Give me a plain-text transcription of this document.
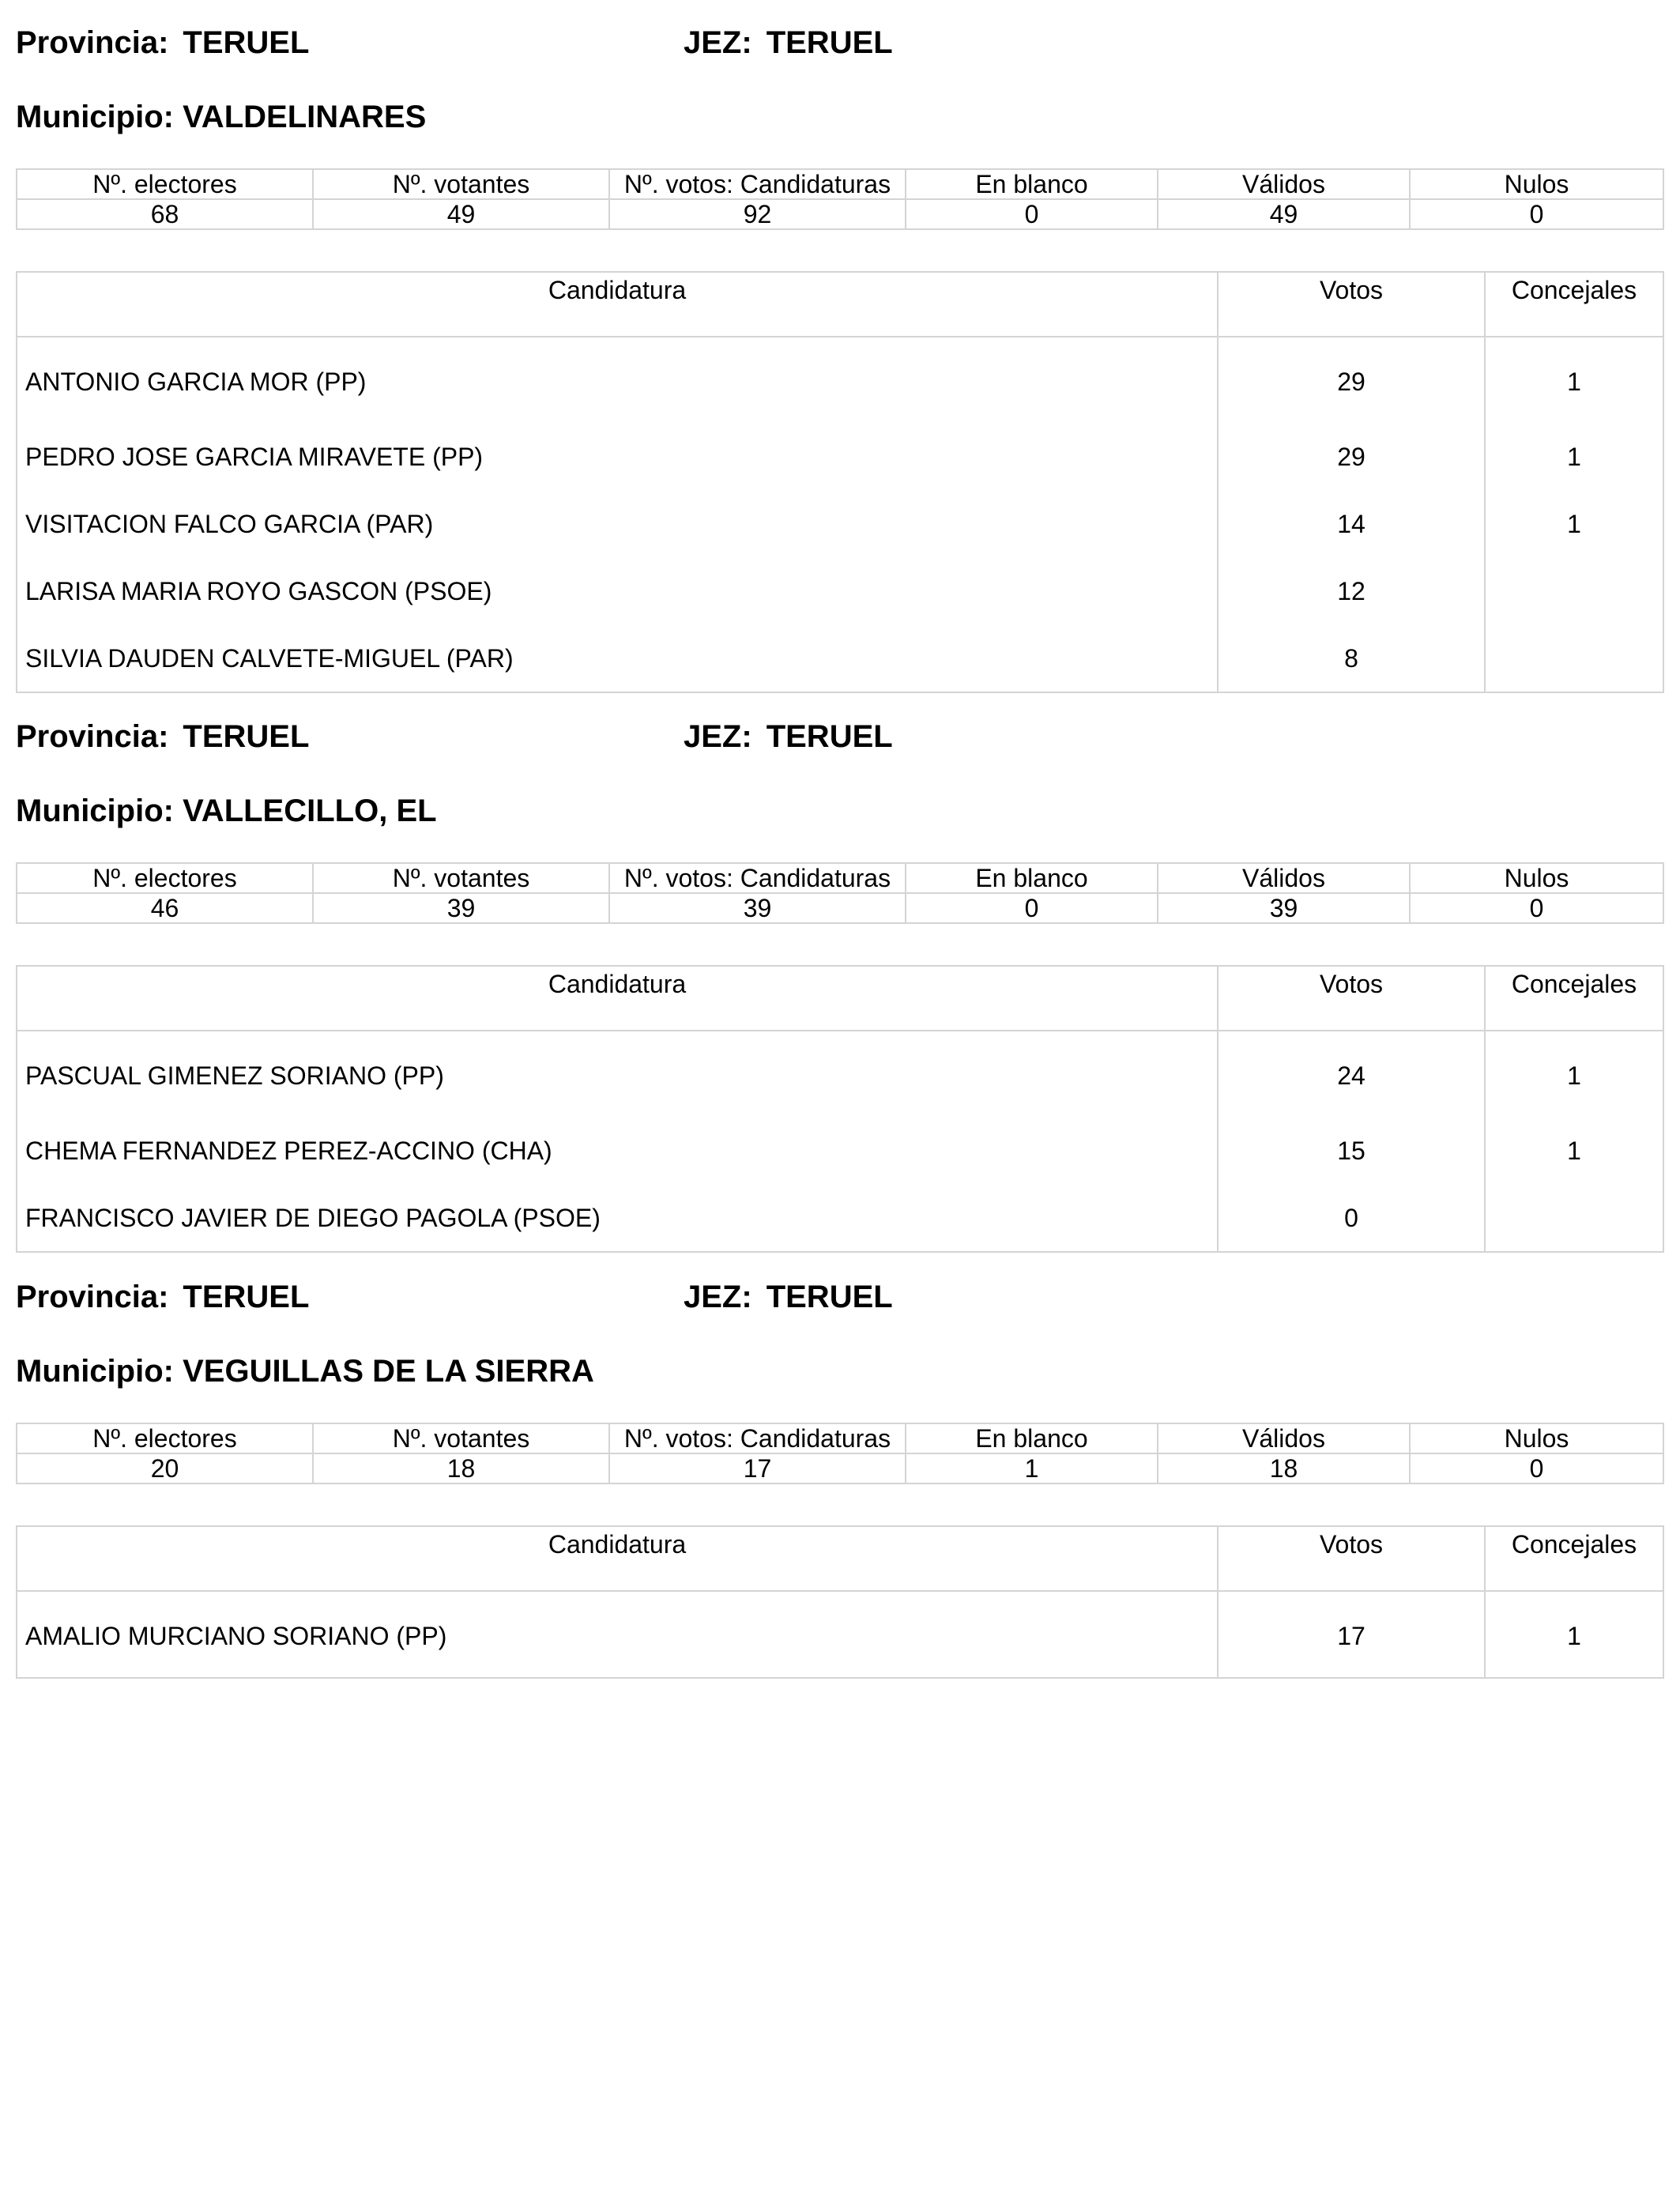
Provincia: TERUEL	JEZ: TERUEL
Municipio: VALDELINARES
Nº. electores	Nº. votantes	Nº. votos: Candidaturas	En blanco	Válidos	Nulos
68	49	92	0	49	0
Candidatura	Votos	Concejales
ANTONIO GARCIA MOR (PP)	29	1
PEDRO JOSE GARCIA MIRAVETE (PP)	29	1
VISITACION FALCO GARCIA (PAR)	14	1
LARISA MARIA ROYO GASCON (PSOE)	12	
SILVIA DAUDEN CALVETE-MIGUEL (PAR)	8	
Provincia: TERUEL	JEZ: TERUEL
Municipio: VALLECILLO, EL
Nº. electores	Nº. votantes	Nº. votos: Candidaturas	En blanco	Válidos	Nulos
46	39	39	0	39	0
Candidatura	Votos	Concejales
PASCUAL GIMENEZ SORIANO (PP)	24	1
CHEMA FERNANDEZ PEREZ-ACCINO (CHA)	15	1
FRANCISCO JAVIER DE DIEGO PAGOLA (PSOE)	0	
Provincia: TERUEL	JEZ: TERUEL
Municipio: VEGUILLAS DE LA SIERRA
Nº. electores	Nº. votantes	Nº. votos: Candidaturas	En blanco	Válidos	Nulos
20	18	17	1	18	0
Candidatura	Votos	Concejales
AMALIO MURCIANO SORIANO (PP)	17	1
